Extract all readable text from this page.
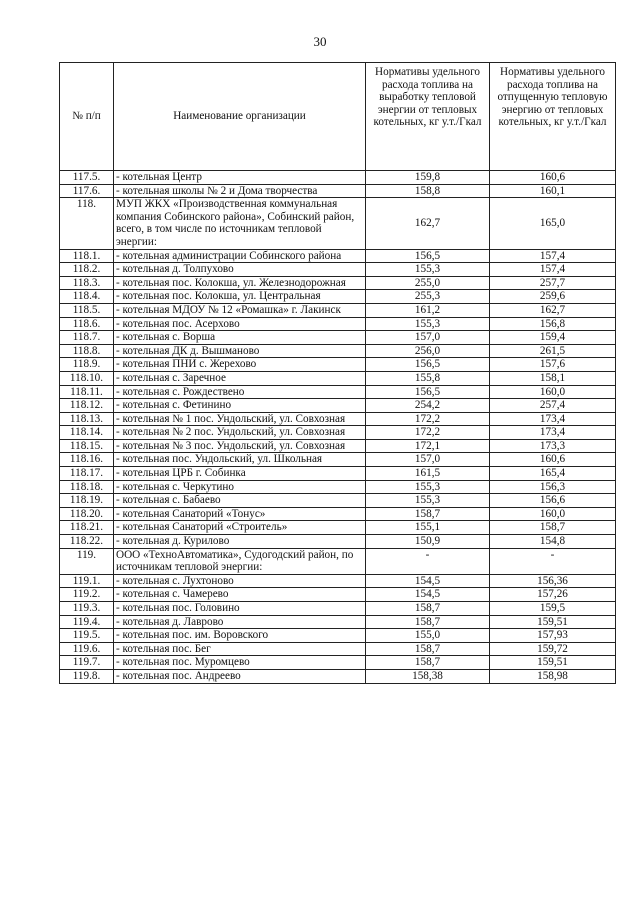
30
№ п/п	Наименование организации	Нормативы удельного расхода топлива на выработку тепловой энергии от тепловых котельных, кг у.т./Гкал	Нормативы удельного расхода топлива на отпущенную тепловую энергию от тепловых котельных, кг у.т./Гкал
117.5.	- котельная Центр	159,8	160,6
117.6.	- котельная школы № 2 и Дома творчества	158,8	160,1
118.	МУП ЖКХ «Производственная коммунальная компания Собинского района», Собинский район, всего, в том числе по источникам тепловой энергии:	162,7	165,0
118.1.	- котельная администрации Собинского района	156,5	157,4
118.2.	- котельная д. Толпухово	155,3	157,4
118.3.	- котельная пос. Колокша, ул. Железнодорожная	255,0	257,7
118.4.	- котельная пос. Колокша, ул. Центральная	255,3	259,6
118.5.	- котельная МДОУ № 12 «Ромашка» г. Лакинск	161,2	162,7
118.6.	- котельная пос. Асерхово	155,3	156,8
118.7.	- котельная с. Ворша	157,0	159,4
118.8.	- котельная ДК д. Вышманово	256,0	261,5
118.9.	- котельная ПНИ с. Жерехово	156,5	157,6
118.10.	- котельная с. Заречное	155,8	158,1
118.11.	- котельная с. Рождествено	156,5	160,0
118.12.	- котельная с. Фетинино	254,2	257,4
118.13.	- котельная № 1 пос. Ундольский, ул. Совхозная	172,2	173,4
118.14.	- котельная № 2 пос. Ундольский, ул. Совхозная	172,2	173,4
118.15.	- котельная № 3 пос. Ундольский, ул. Совхозная	172,1	173,3
118.16.	- котельная пос. Ундольский, ул. Школьная	157,0	160,6
118.17.	- котельная ЦРБ г. Собинка	161,5	165,4
118.18.	- котельная с. Черкутино	155,3	156,3
118.19.	- котельная с. Бабаево	155,3	156,6
118.20.	- котельная Санаторий «Тонус»	158,7	160,0
118.21.	- котельная Санаторий «Строитель»	155,1	158,7
118.22.	- котельная д. Курилово	150,9	154,8
119.	ООО «ТехноАвтоматика», Судогодский район, по источникам тепловой энергии:	-	-
119.1.	- котельная с. Лухтоново	154,5	156,36
119.2.	- котельная с. Чамерево	154,5	157,26
119.3.	- котельная пос. Головино	158,7	159,5
119.4.	- котельная д. Лаврово	158,7	159,51
119.5.	- котельная пос. им. Воровского	155,0	157,93
119.6.	- котельная пос. Бег	158,7	159,72
119.7.	- котельная пос. Муромцево	158,7	159,51
119.8.	- котельная пос. Андреево	158,38	158,98
